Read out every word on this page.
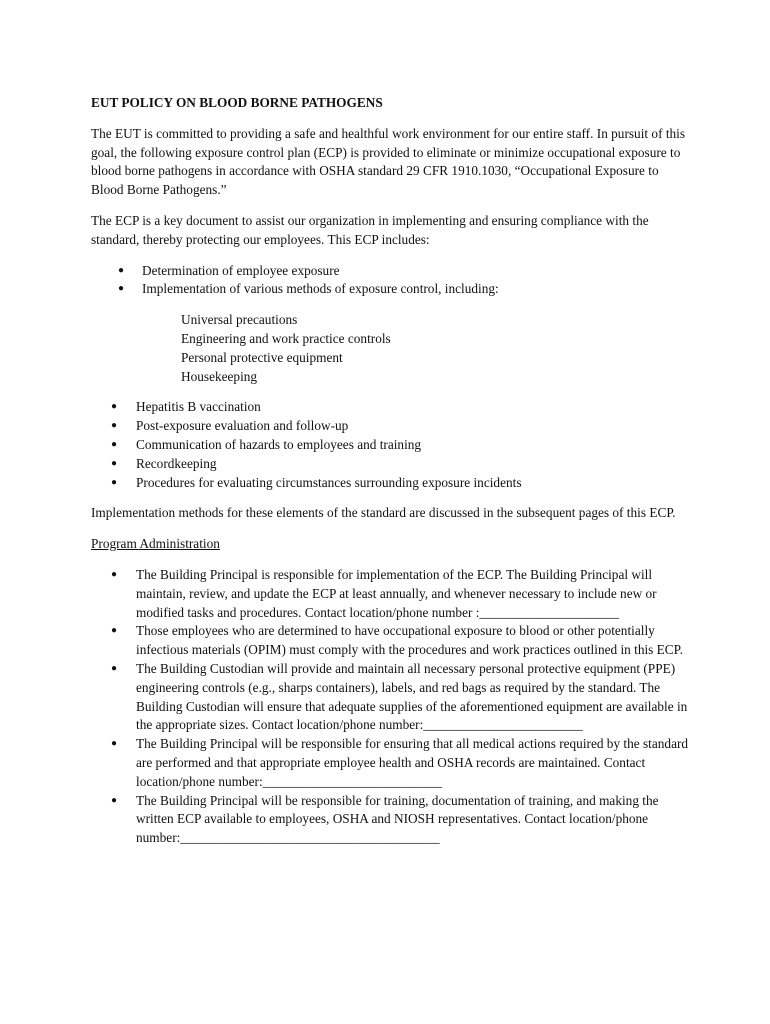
EUT POLICY ON BLOOD BORNE PATHOGENS

The EUT is committed to providing a safe and healthful work environment for our entire staff. In pursuit of this goal, the following exposure control plan (ECP) is provided to eliminate or minimize occupational exposure to blood borne pathogens in accordance with OSHA standard 29 CFR 1910.1030, “Occupational Exposure to Blood Borne Pathogens.”

The ECP is a key document to assist our organization in implementing and ensuring compliance with the standard, thereby protecting our employees. This ECP includes:

● Determination of employee exposure
● Implementation of various methods of exposure control, including:
Universal precautions
Engineering and work practice controls
Personal protective equipment
Housekeeping
● Hepatitis B vaccination
● Post-exposure evaluation and follow-up
● Communication of hazards to employees and training
● Recordkeeping
● Procedures for evaluating circumstances surrounding exposure incidents

Implementation methods for these elements of the standard are discussed in the subsequent pages of this ECP.

Program Administration
● The Building Principal is responsible for implementation of the ECP. The Building Principal will maintain, review, and update the ECP at least annually, and whenever necessary to include new or modified tasks and procedures. Contact location/phone number :_____________________
● Those employees who are determined to have occupational exposure to blood or other potentially infectious materials (OPIM) must comply with the procedures and work practices outlined in this ECP.
● The Building Custodian will provide and maintain all necessary personal protective equipment (PPE) engineering controls (e.g., sharps containers), labels, and red bags as required by the standard. The Building Custodian will ensure that adequate supplies of the aforementioned equipment are available in the appropriate sizes. Contact location/phone number:________________________
● The Building Principal will be responsible for ensuring that all medical actions required by the standard are performed and that appropriate employee health and OSHA records are maintained. Contact location/phone number:___________________________
● The Building Principal will be responsible for training, documentation of training, and making the written ECP available to employees, OSHA and NIOSH representatives. Contact location/phone number:_______________________________________
